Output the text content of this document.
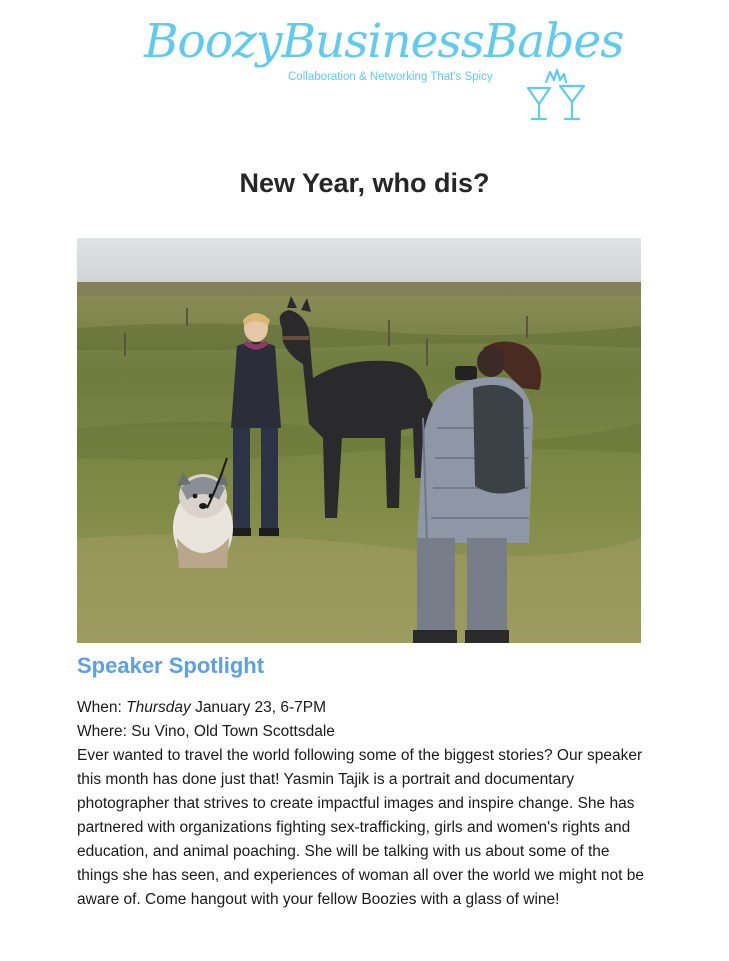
BoozyBusinessBabes
Collaboration & Networking That's Spicy
New Year, who dis?
Speaker Spotlight

When: Thursday January 23, 6-7PM

Where: Su Vino, Old Town Scottsdale

Ever wanted to travel the world following some of the biggest stories? Our speaker this month has done just that! Yasmin Tajik is a portrait and documentary photographer that strives to create impactful images and inspire change. She has partnered with organizations fighting sex-trafficking, girls and women's rights and education, and animal poaching. She will be talking with us about some of the things she has seen, and experiences of woman all over the world we might not be aware of. Come hangout with your fellow Boozies with a glass of wine!
